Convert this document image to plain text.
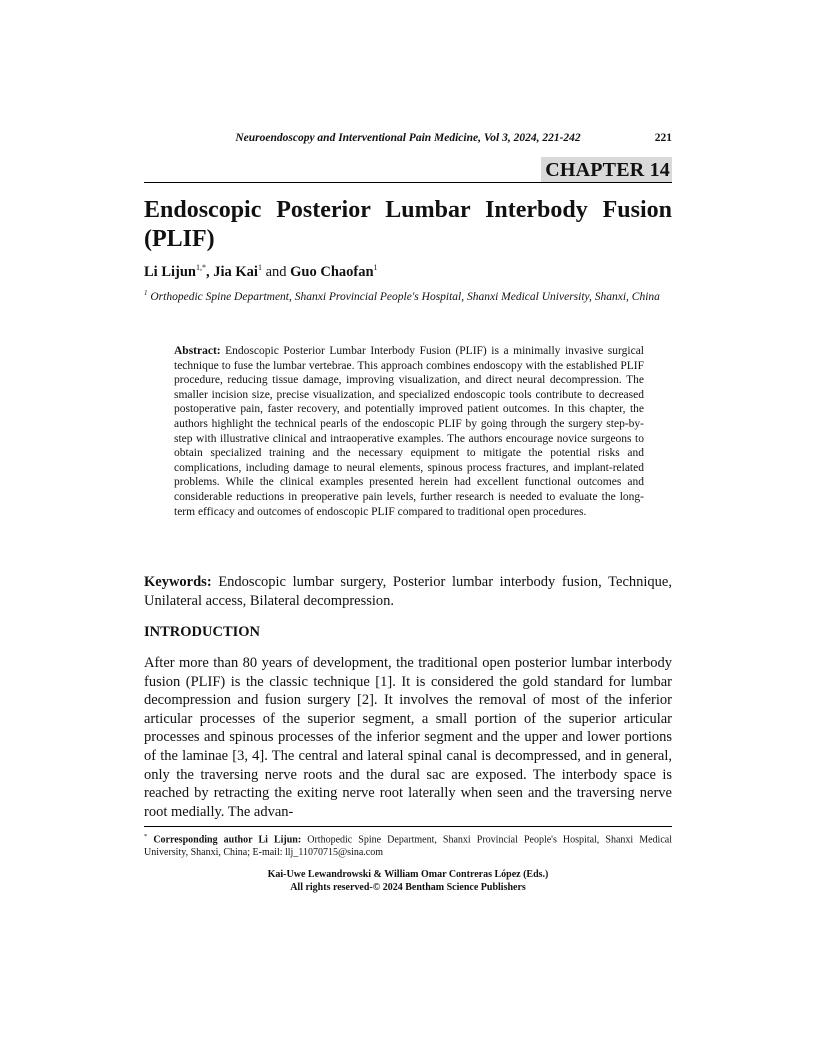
Neuroendoscopy and Interventional Pain Medicine, Vol 3, 2024, 221-242	221
CHAPTER 14
Endoscopic Posterior Lumbar Interbody Fusion (PLIF)
Li Lijun$^{1,*}$, Jia Kai$^1$ and Guo Chaofan$^1$
$^1$ Orthopedic Spine Department, Shanxi Provincial People's Hospital, Shanxi Medical University, Shanxi, China

Abstract: Endoscopic Posterior Lumbar Interbody Fusion (PLIF) is a minimally invasive surgical technique to fuse the lumbar vertebrae. This approach combines endoscopy with the established PLIF procedure, reducing tissue damage, improving visualization, and direct neural decompression. The smaller incision size, precise visualization, and specialized endoscopic tools contribute to decreased postoperative pain, faster recovery, and potentially improved patient outcomes. In this chapter, the authors highlight the technical pearls of the endoscopic PLIF by going through the surgery step-by-step with illustrative clinical and intraoperative examples. The authors encourage novice surgeons to obtain specialized training and the necessary equipment to mitigate the potential risks and complications, including damage to neural elements, spinous process fractures, and implant-related problems. While the clinical examples presented herein had excellent functional outcomes and considerable reductions in preoperative pain levels, further research is needed to evaluate the long-term efficacy and outcomes of endoscopic PLIF compared to traditional open procedures.

Keywords: Endoscopic lumbar surgery, Posterior lumbar interbody fusion, Technique, Unilateral access, Bilateral decompression.

INTRODUCTION

After more than 80 years of development, the traditional open posterior lumbar interbody fusion (PLIF) is the classic technique [1]. It is considered the gold standard for lumbar decompression and fusion surgery [2]. It involves the removal of most of the inferior articular processes of the superior segment, a small portion of the superior articular processes and spinous processes of the inferior segment and the upper and lower portions of the laminae [3, 4]. The central and lateral spinal canal is decompressed, and in general, only the traversing nerve roots and the dural sac are exposed. The interbody space is reached by retracting the exiting nerve root laterally when seen and the traversing nerve root medially. The advan-

* Corresponding author Li Lijun: Orthopedic Spine Department, Shanxi Provincial People's Hospital, Shanxi Medical University, Shanxi, China; E-mail: llj_11070715@sina.com

Kai-Uwe Lewandrowski & William Omar Contreras López (Eds.)
All rights reserved-© 2024 Bentham Science Publishers
